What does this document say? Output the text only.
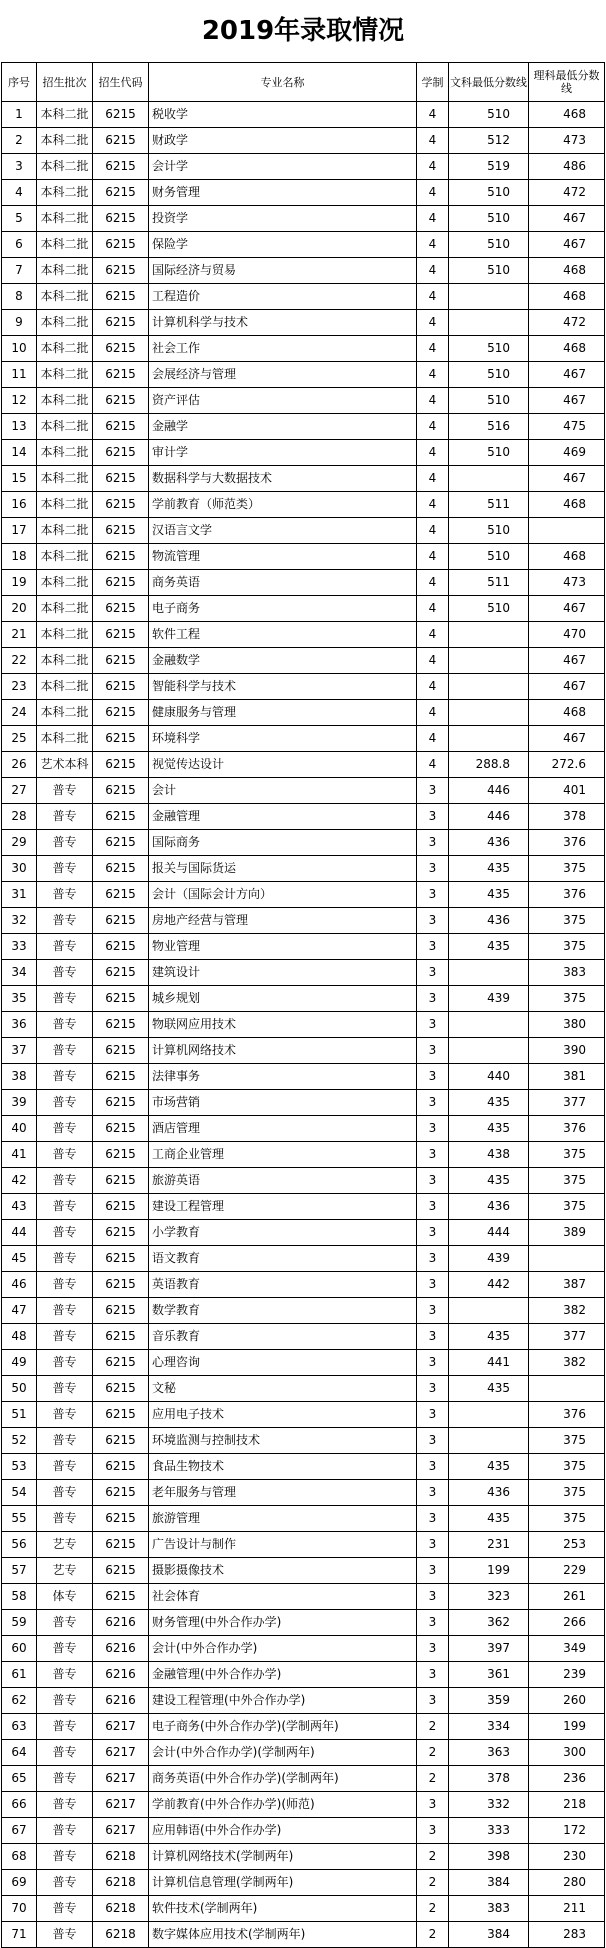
2019年录取情况
序号	招生批次	招生代码	专业名称	学制	文科最低分数线	理科最低分数线
1	本科二批	6215	税收学	4	510	468
2	本科二批	6215	财政学	4	512	473
3	本科二批	6215	会计学	4	519	486
4	本科二批	6215	财务管理	4	510	472
5	本科二批	6215	投资学	4	510	467
6	本科二批	6215	保险学	4	510	467
7	本科二批	6215	国际经济与贸易	4	510	468
8	本科二批	6215	工程造价	4		468
9	本科二批	6215	计算机科学与技术	4		472
10	本科二批	6215	社会工作	4	510	468
11	本科二批	6215	会展经济与管理	4	510	467
12	本科二批	6215	资产评估	4	510	467
13	本科二批	6215	金融学	4	516	475
14	本科二批	6215	审计学	4	510	469
15	本科二批	6215	数据科学与大数据技术	4		467
16	本科二批	6215	学前教育（师范类）	4	511	468
17	本科二批	6215	汉语言文学	4	510	
18	本科二批	6215	物流管理	4	510	468
19	本科二批	6215	商务英语	4	511	473
20	本科二批	6215	电子商务	4	510	467
21	本科二批	6215	软件工程	4		470
22	本科二批	6215	金融数学	4		467
23	本科二批	6215	智能科学与技术	4		467
24	本科二批	6215	健康服务与管理	4		468
25	本科二批	6215	环境科学	4		467
26	艺术本科	6215	视觉传达设计	4	288.8	272.6
27	普专	6215	会计	3	446	401
28	普专	6215	金融管理	3	446	378
29	普专	6215	国际商务	3	436	376
30	普专	6215	报关与国际货运	3	435	375
31	普专	6215	会计（国际会计方向）	3	435	376
32	普专	6215	房地产经营与管理	3	436	375
33	普专	6215	物业管理	3	435	375
34	普专	6215	建筑设计	3		383
35	普专	6215	城乡规划	3	439	375
36	普专	6215	物联网应用技术	3		380
37	普专	6215	计算机网络技术	3		390
38	普专	6215	法律事务	3	440	381
39	普专	6215	市场营销	3	435	377
40	普专	6215	酒店管理	3	435	376
41	普专	6215	工商企业管理	3	438	375
42	普专	6215	旅游英语	3	435	375
43	普专	6215	建设工程管理	3	436	375
44	普专	6215	小学教育	3	444	389
45	普专	6215	语文教育	3	439	
46	普专	6215	英语教育	3	442	387
47	普专	6215	数学教育	3		382
48	普专	6215	音乐教育	3	435	377
49	普专	6215	心理咨询	3	441	382
50	普专	6215	文秘	3	435	
51	普专	6215	应用电子技术	3		376
52	普专	6215	环境监测与控制技术	3		375
53	普专	6215	食品生物技术	3	435	375
54	普专	6215	老年服务与管理	3	436	375
55	普专	6215	旅游管理	3	435	375
56	艺专	6215	广告设计与制作	3	231	253
57	艺专	6215	摄影摄像技术	3	199	229
58	体专	6215	社会体育	3	323	261
59	普专	6216	财务管理(中外合作办学)	3	362	266
60	普专	6216	会计(中外合作办学)	3	397	349
61	普专	6216	金融管理(中外合作办学)	3	361	239
62	普专	6216	建设工程管理(中外合作办学)	3	359	260
63	普专	6217	电子商务(中外合作办学)(学制两年)	2	334	199
64	普专	6217	会计(中外合作办学)(学制两年)	2	363	300
65	普专	6217	商务英语(中外合作办学)(学制两年)	2	378	236
66	普专	6217	学前教育(中外合作办学)(师范)	3	332	218
67	普专	6217	应用韩语(中外合作办学)	3	333	172
68	普专	6218	计算机网络技术(学制两年)	2	398	230
69	普专	6218	计算机信息管理(学制两年)	2	384	280
70	普专	6218	软件技术(学制两年)	2	383	211
71	普专	6218	数字媒体应用技术(学制两年)	2	384	283
